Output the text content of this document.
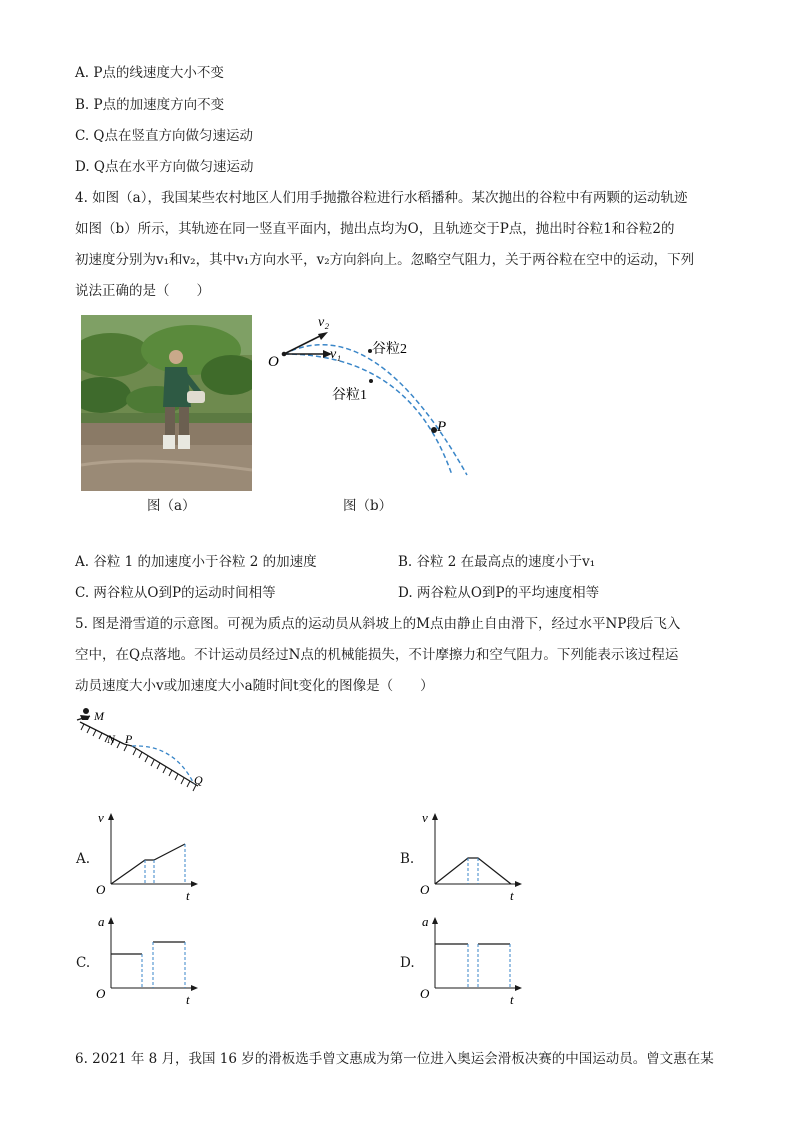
A. P点的线速度大小不变
B. P点的加速度方向不变
C. Q点在竖直方向做匀速运动
D. Q点在水平方向做匀速运动
4. 如图（a），我国某些农村地区人们用手抛撒谷粒进行水稻播种。某次抛出的谷粒中有两颗的运动轨迹
如图（b）所示，其轨迹在同一竖直平面内，抛出点均为O，且轨迹交于P点，抛出时谷粒1和谷粒2的
初速度分别为v₁和v₂，其中v₁方向水平，v₂方向斜向上。忽略空气阻力，关于两谷粒在空中的运动，下列
说法正确的是（　　）
图（a）
O
v₂
v₁ 谷粒2
谷粒1
P
图（b）
A. 谷粒 1 的加速度小于谷粒 2 的加速度	B. 谷粒 2 在最高点的速度小于v₁
C. 两谷粒从O到P的运动时间相等	D. 两谷粒从O到P的平均速度相等
5. 图是滑雪道的示意图。可视为质点的运动员从斜坡上的M点由静止自由滑下，经过水平NP段后飞入
空中，在Q点落地。不计运动员经过N点的机械能损失，不计摩擦力和空气阻力。下列能表示该过程运
动员速度大小v或加速度大小a随时间t变化的图像是（　　）
M
N P
Q
A.
v
O	t
B.
v
O	t
C.
a
O	t
D.
a
O	t
6. 2021 年 8 月，我国 16 岁的滑板选手曾文惠成为第一位进入奥运会滑板决赛的中国运动员。曾文惠在某
